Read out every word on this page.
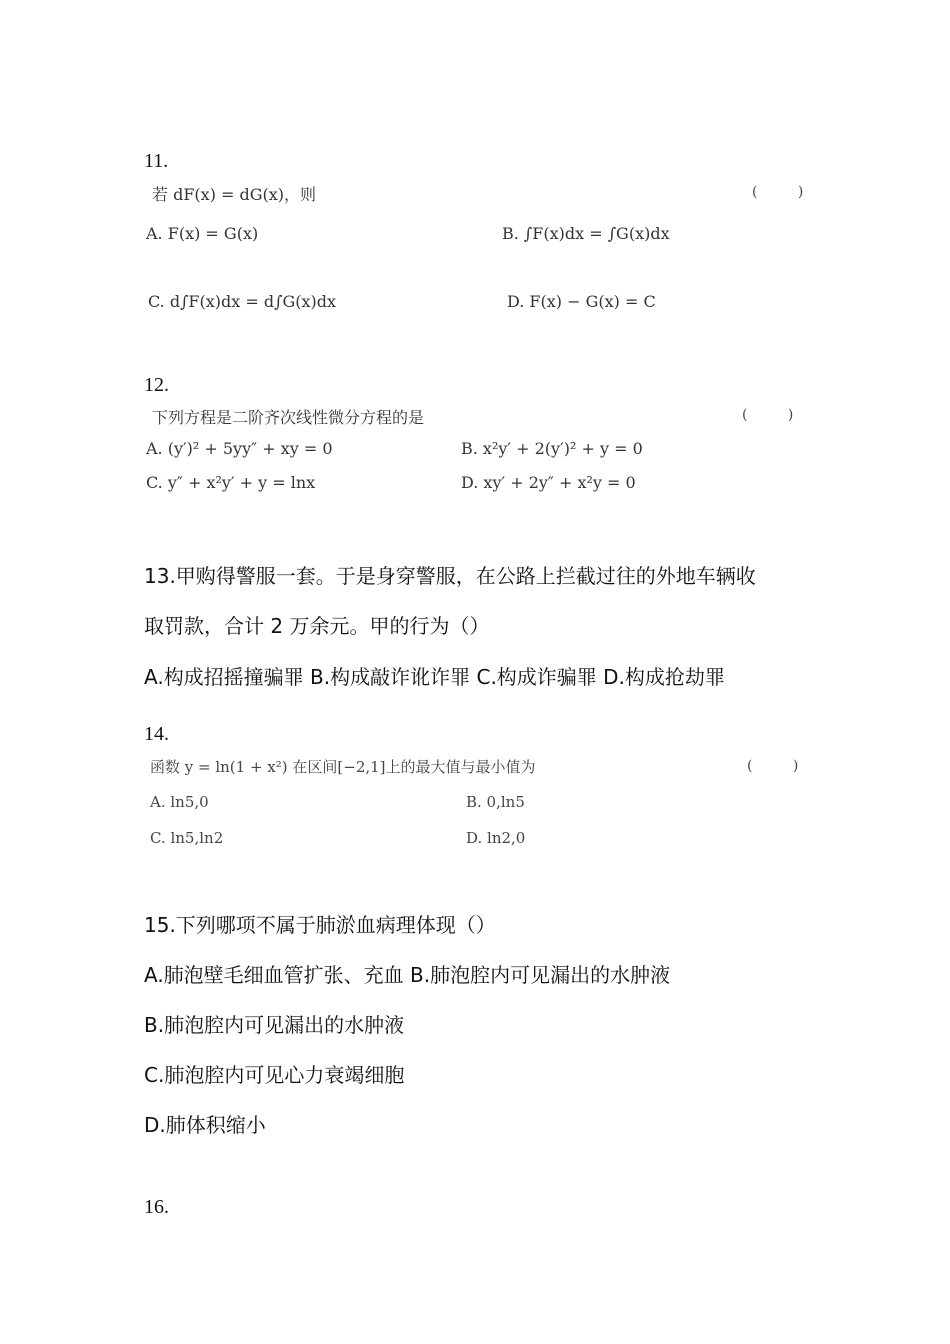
11.
若 dF(x) = dG(x)，则	( )
A. F(x) = G(x)	B. ∫F(x)dx = ∫G(x)dx
C. d∫F(x)dx = d∫G(x)dx	D. F(x) − G(x) = C
12.
下列方程是二阶齐次线性微分方程的是	( )
A. (y′)² + 5yy″ + xy = 0	B. x²y′ + 2(y′)² + y = 0
C. y″ + x²y′ + y = lnx	D. xy′ + 2y″ + x²y = 0
13.甲购得警服一套。于是身穿警服，在公路上拦截过往的外地车辆收
取罚款，合计 2 万余元。甲的行为（）
A.构成招摇撞骗罪 B.构成敲诈讹诈罪 C.构成诈骗罪 D.构成抢劫罪
14.
函数 y = ln(1 + x²) 在区间[−2,1]上的最大值与最小值为	( )
A. ln5,0	B. 0,ln5
C. ln5,ln2	D. ln2,0
15.下列哪项不属于肺淤血病理体现（）
A.肺泡壁毛细血管扩张、充血 B.肺泡腔内可见漏出的水肿液
B.肺泡腔内可见漏出的水肿液
C.肺泡腔内可见心力衰竭细胞
D.肺体积缩小
16.
